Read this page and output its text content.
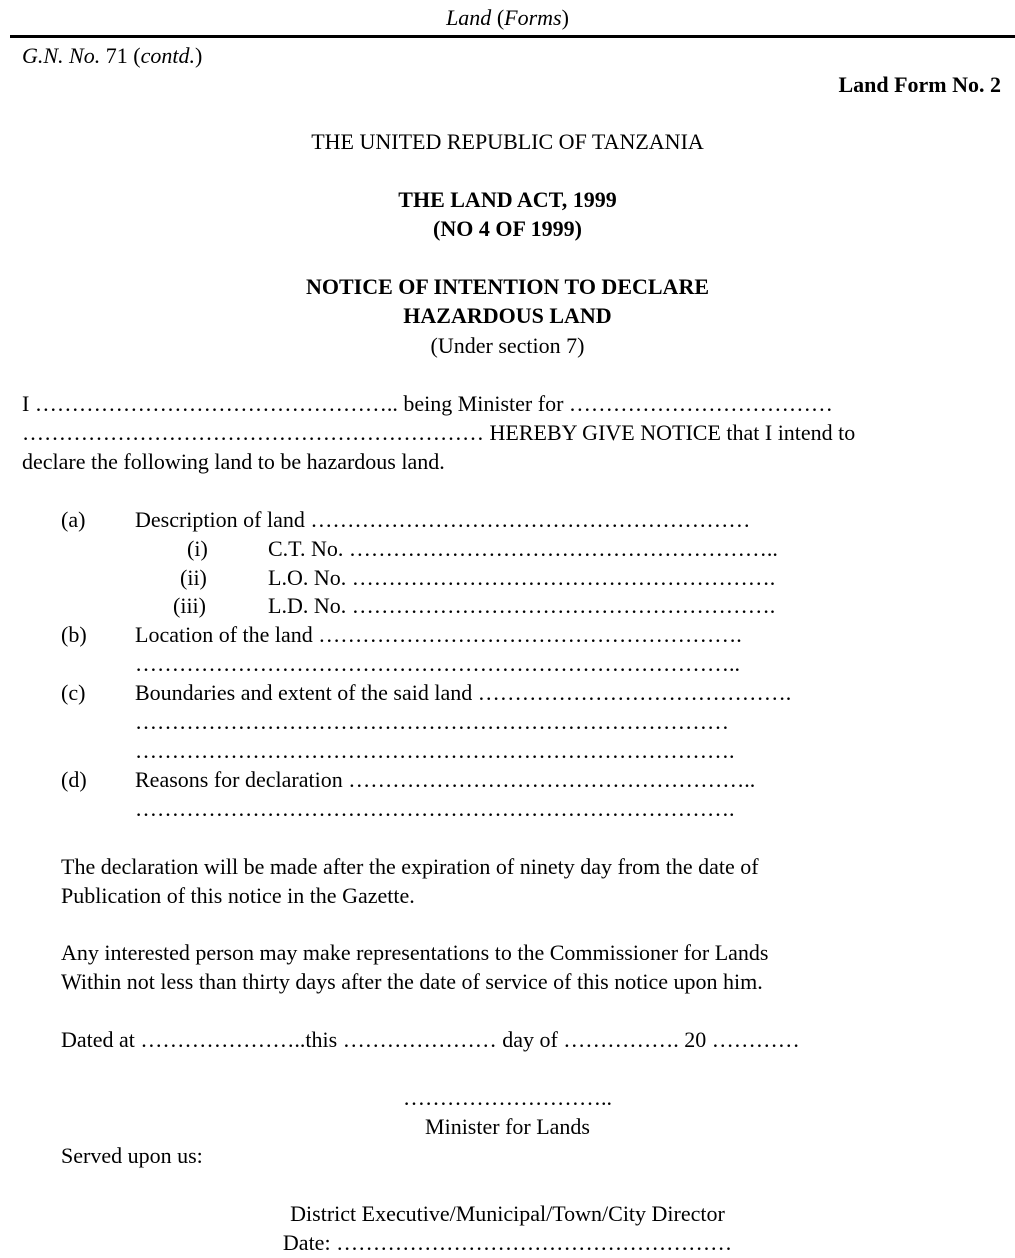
Land (Forms)
G.N. No. 71 (contd.)
Land Form No. 2
THE UNITED REPUBLIC OF TANZANIA
THE LAND ACT, 1999
(NO 4 OF 1999)
NOTICE OF INTENTION TO DECLARE
HAZARDOUS LAND
(Under section 7)
I ………………………………………….. being Minister for ………………………………
……………………………………………………… HEREBY GIVE NOTICE that I intend to
declare the following land to be hazardous land.
(a) Description of land ……………………………………………………
(i)	C.T. No. …………………………………………………..
(ii)	L.O. No. ………………………………………………….
(iii)	L.D. No. ………………………………………………….
(b) Location of the land ………………………………………………….
………………………………………………………………………..
(c) Boundaries and extent of the said land …………………………………….
………………………………………………………………………
……………………………………………………………………….
(d) Reasons for declaration ………………………………………………..
……………………………………………………………………….
The declaration will be made after the expiration of ninety day from the date of
Publication of this notice in the Gazette.
Any interested person may make representations to the Commissioner for Lands
Within not less than thirty days after the date of service of this notice upon him.
Dated at …………………..this ………………… day of ……………. 20 …………
………………………..
Minister for Lands
Served upon us:
District Executive/Municipal/Town/City Director
Date: ………………………………………………
